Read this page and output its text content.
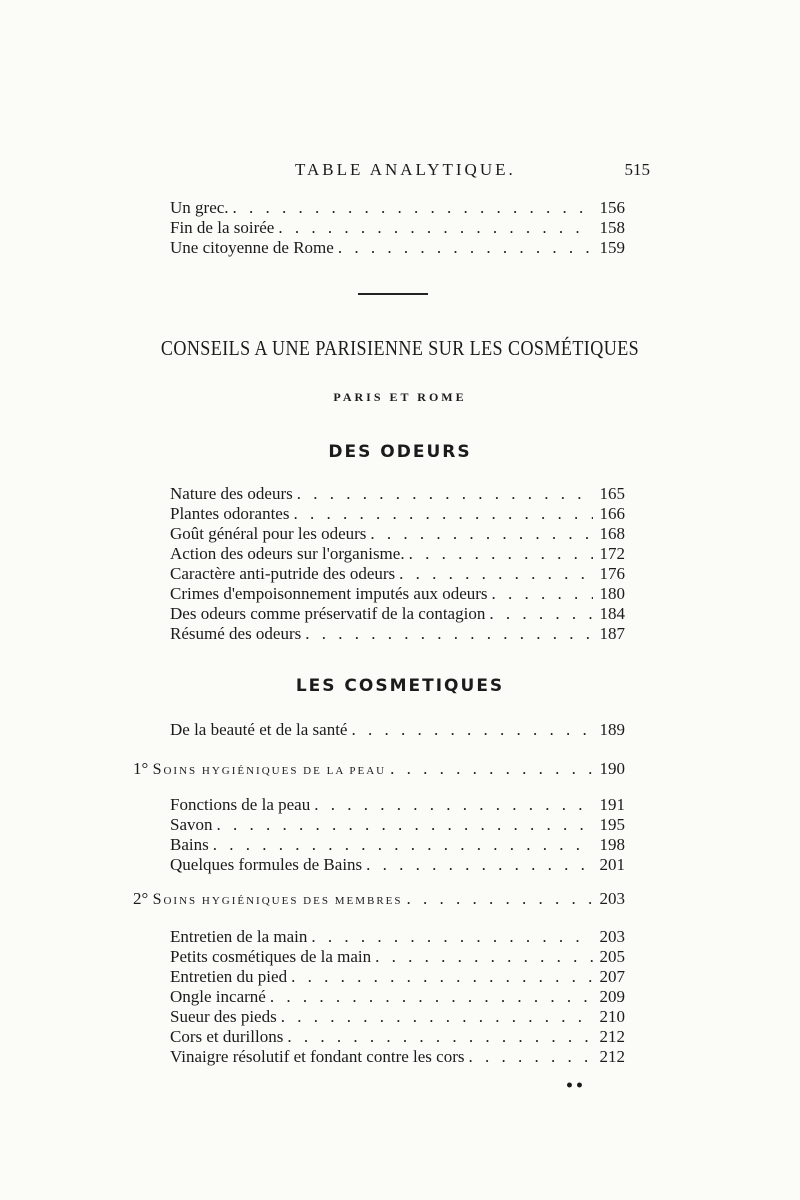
TABLE ANALYTIQUE.	515
Un grec. . . .	156
Fin de la soirée . . .	158
Une citoyenne de Rome . . .	159
CONSEILS A UNE PARISIENNE SUR LES COSMÉTIQUES
PARIS ET ROME
DES ODEURS
Nature des odeurs . . .	165
Plantes odorantes . . .	166
Goût général pour les odeurs . . .	168
Action des odeurs sur l'organisme. . . .	172
Caractère anti-putride des odeurs . . .	176
Crimes d'empoisonnement imputés aux odeurs . . .	180
Des odeurs comme préservatif de la contagion . . .	184
Résumé des odeurs . . .	187
LES COSMETIQUES
De la beauté et de la santé . . .	189
1° SOINS HYGIÉNIQUES DE LA PEAU . . .	190
Fonctions de la peau . . .	191
Savon . . .	195
Bains . . .	198
Quelques formules de Bains . . .	201
2° SOINS HYGIÉNIQUES DES MEMBRES . . .	203
Entretien de la main . . .	203
Petits cosmétiques de la main . . .	205
Entretien du pied . . .	207
Ongle incarné . . .	209
Sueur des pieds . . .	210
Cors et durillons . . .	212
Vinaigre résolutif et fondant contre les cors . . .	212
••
